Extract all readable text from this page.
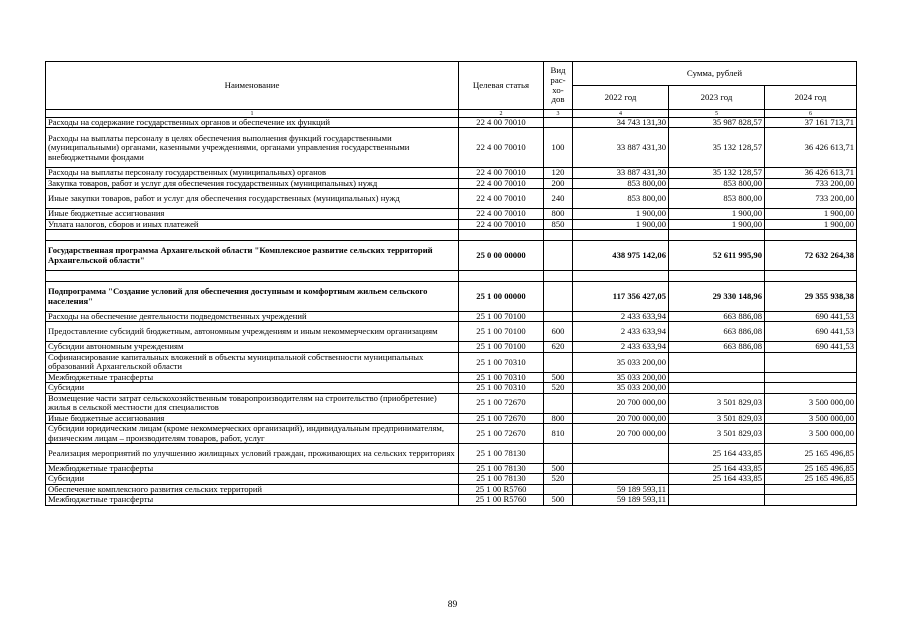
Наименование	Целевая статья	Вид рас-хо-дов	Сумма, рублей		
			2022 год	2023 год	2024 год
1	2	3	4	5	6
Расходы на содержание государственных органов и обеспечение их функций	22 4 00 70010		34 743 131,30	35 987 828,57	37 161 713,71
Расходы на выплаты персоналу в целях обеспечения выполнения функций государственными (муниципальными) органами, казенными учреждениями, органами управления государственными внебюджетными фондами	22 4 00 70010	100	33 887 431,30	35 132 128,57	36 426 613,71
Расходы на выплаты персоналу государственных (муниципальных) органов	22 4 00 70010	120	33 887 431,30	35 132 128,57	36 426 613,71
Закупка товаров, работ и услуг для обеспечения государственных (муниципальных) нужд	22 4 00 70010	200	853 800,00	853 800,00	733 200,00
Иные закупки товаров, работ и услуг для обеспечения государственных (муниципальных) нужд	22 4 00 70010	240	853 800,00	853 800,00	733 200,00
Иные бюджетные ассигнования	22 4 00 70010	800	1 900,00	1 900,00	1 900,00
Уплата налогов, сборов и иных платежей	22 4 00 70010	850	1 900,00	1 900,00	1 900,00

Государственная программа Архангельской области "Комплексное развитие сельских территорий Архангельской области"	25 0 00 00000		438 975 142,06	52 611 995,90	72 632 264,38

Подпрограмма "Создание условий для обеспечения доступным и комфортным жильем сельского населения"	25 1 00 00000		117 356 427,05	29 330 148,96	29 355 938,38
Расходы на обеспечение деятельности подведомственных учреждений	25 1 00 70100		2 433 633,94	663 886,08	690 441,53
Предоставление субсидий бюджетным, автономным учреждениям и иным некоммерческим организациям	25 1 00 70100	600	2 433 633,94	663 886,08	690 441,53
Субсидии автономным учреждениям	25 1 00 70100	620	2 433 633,94	663 886,08	690 441,53
Софинансирование капитальных вложений в объекты муниципальной собственности муниципальных образований Архангельской области	25 1 00 70310		35 033 200,00		
Межбюджетные трансферты	25 1 00 70310	500	35 033 200,00		
Субсидии	25 1 00 70310	520	35 033 200,00		
Возмещение части затрат сельскохозяйственным товаропроизводителям на строительство (приобретение) жилья в сельской местности для специалистов	25 1 00 72670		20 700 000,00	3 501 829,03	3 500 000,00
Иные бюджетные ассигнования	25 1 00 72670	800	20 700 000,00	3 501 829,03	3 500 000,00
Субсидии юридическим лицам (кроме некоммерческих организаций), индивидуальным предпринимателям, физическим лицам – производителям товаров, работ, услуг	25 1 00 72670	810	20 700 000,00	3 501 829,03	3 500 000,00
Реализация мероприятий по улучшению жилищных условий граждан, проживающих на сельских территориях	25 1 00 78130			25 164 433,85	25 165 496,85
Межбюджетные трансферты	25 1 00 78130	500		25 164 433,85	25 165 496,85
Субсидии	25 1 00 78130	520		25 164 433,85	25 165 496,85
Обеспечение комплексного развития сельских территорий	25 1 00 R5760		59 189 593,11		
Межбюджетные трансферты	25 1 00 R5760	500	59 189 593,11		
89
